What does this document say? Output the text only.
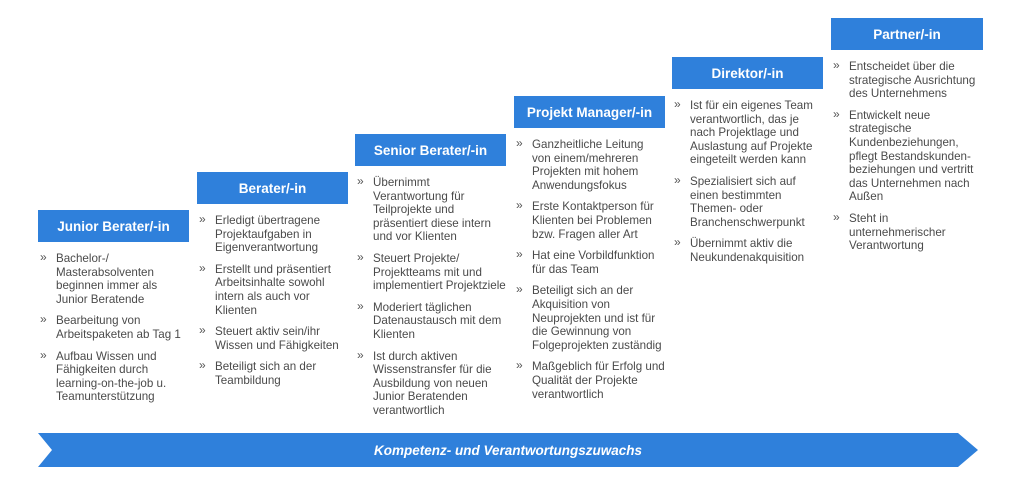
Junior Berater/-in
» Bachelor-/ Masterabsolventen beginnen immer als Junior Beratende
» Bearbeitung von Arbeitspaketen ab Tag 1
» Aufbau Wissen und Fähigkeiten durch learning-on-the-job u. Teamunterstützung
Berater/-in
» Erledigt übertragene Projektaufgaben in Eigenverantwortung
» Erstellt und präsentiert Arbeitsinhalte sowohl intern als auch vor Klienten
» Steuert aktiv sein/ihr Wissen und Fähigkeiten
» Beteiligt sich an der Teambildung
Senior Berater/-in
» Übernimmt Verantwortung für Teilprojekte und präsentiert diese intern und vor Klienten
» Steuert Projekte/ Projektteams mit und implementiert Projektziele
» Moderiert täglichen Datenaustausch mit dem Klienten
» Ist durch aktiven Wissenstransfer für die Ausbildung von neuen Junior Beratenden verantwortlich
Projekt Manager/-in
» Ganzheitliche Leitung von einem/mehreren Projekten mit hohem Anwendungsfokus
» Erste Kontaktperson für Klienten bei Problemen bzw. Fragen aller Art
» Hat eine Vorbildfunktion für das Team
» Beteiligt sich an der Akquisition von Neuprojekten und ist für die Gewinnung von Folgeprojekten zuständig
» Maßgeblich für Erfolg und Qualität der Projekte verantwortlich
Direktor/-in
» Ist für ein eigenes Team verantwortlich, das je nach Projektlage und Auslastung auf Projekte eingeteilt werden kann
» Spezialisiert sich auf einen bestimmten Themen- oder Branchenschwerpunkt
» Übernimmt aktiv die Neukundenakquisition
Partner/-in
» Entscheidet über die strategische Ausrichtung des Unternehmens
» Entwickelt neue strategische Kundenbeziehungen, pflegt Bestandskunden-beziehungen und vertritt das Unternehmen nach Außen
» Steht in unternehmerischer Verantwortung
Kompetenz- und Verantwortungszuwachs
